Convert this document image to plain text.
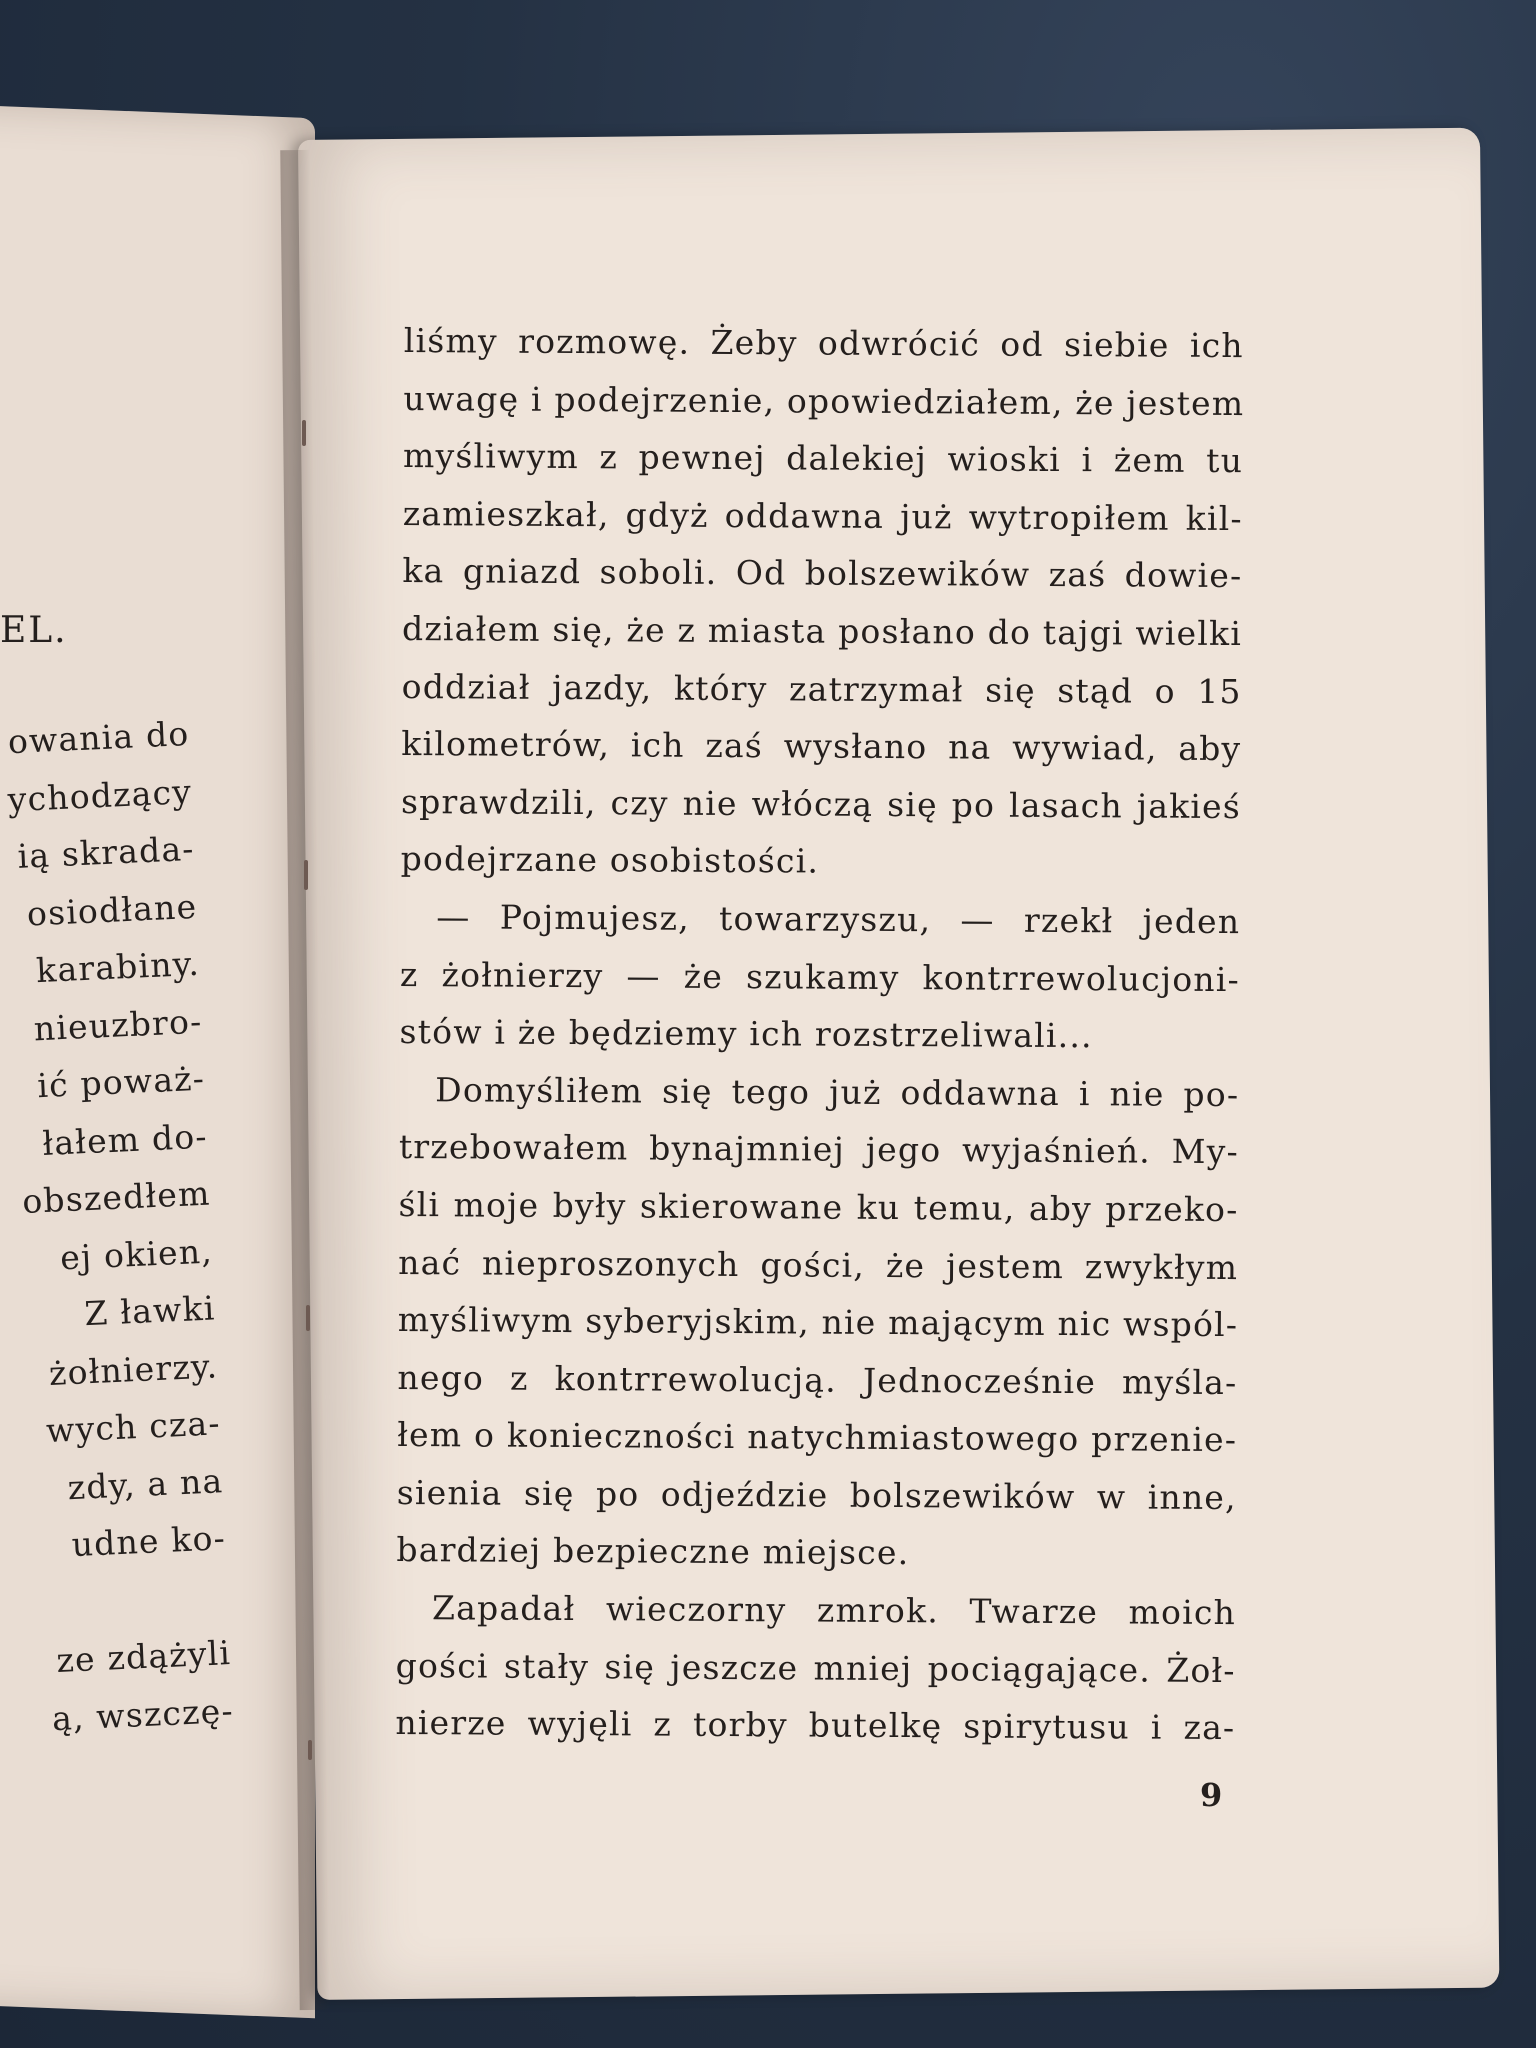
EL.
owania do
ychodzący
ią skrada-
osiodłane
karabiny.
nieuzbro-
ić poważ-
łałem do-
obszedłem
ej okien,
Z ławki
żołnierzy.
wych cza-
zdy, a na
udne ko-
ze zdążyli
ą, wszczę-
liśmy rozmowę. Żeby odwrócić od siebie ich
uwagę i podejrzenie, opowiedziałem, że jestem
myśliwym z pewnej dalekiej wioski i żem tu
zamieszkał, gdyż oddawna już wytropiłem kil-
ka gniazd soboli. Od bolszewików zaś dowie-
działem się, że z miasta posłano do tajgi wielki
oddział jazdy, który zatrzymał się stąd o 15
kilometrów, ich zaś wysłano na wywiad, aby
sprawdzili, czy nie włóczą się po lasach jakieś
podejrzane osobistości.
— Pojmujesz, towarzyszu, — rzekł jeden
z żołnierzy — że szukamy kontrrewolucjoni-
stów i że będziemy ich rozstrzeliwali...
Domyśliłem się tego już oddawna i nie po-
trzebowałem bynajmniej jego wyjaśnień. My-
śli moje były skierowane ku temu, aby przeko-
nać nieproszonych gości, że jestem zwykłym
myśliwym syberyjskim, nie mającym nic wspól-
nego z kontrrewolucją. Jednocześnie myśla-
łem o konieczności natychmiastowego przenie-
sienia się po odjeździe bolszewików w inne,
bardziej bezpieczne miejsce.
Zapadał wieczorny zmrok. Twarze moich
gości stały się jeszcze mniej pociągające. Żoł-
nierze wyjęli z torby butelkę spirytusu i za-
9
